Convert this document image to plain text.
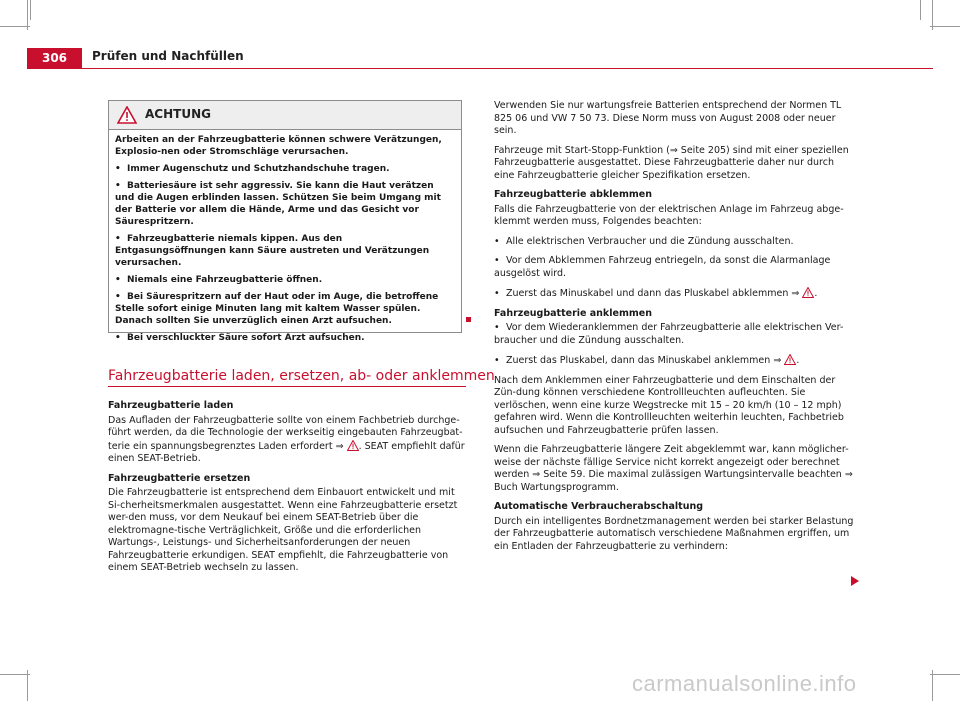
306	Prüfen und Nachfüllen
ACHTUNG

Arbeiten an der Fahrzeugbatterie können schwere Verätzungen, Explosio-nen oder Stromschläge verursachen.

• Immer Augenschutz und Schutzhandschuhe tragen.

• Batteriesäure ist sehr aggressiv. Sie kann die Haut verätzen und die Augen erblinden lassen. Schützen Sie beim Umgang mit der Batterie vor allem die Hände, Arme und das Gesicht vor Säurespritzern.

• Fahrzeugbatterie niemals kippen. Aus den Entgasungsöffnungen kann Säure austreten und Verätzungen verursachen.

• Niemals eine Fahrzeugbatterie öffnen.

• Bei Säurespritzern auf der Haut oder im Auge, die betroffene Stelle sofort einige Minuten lang mit kaltem Wasser spülen. Danach sollten Sie unverzüglich einen Arzt aufsuchen.

• Bei verschluckter Säure sofort Arzt aufsuchen.

Fahrzeugbatterie laden, ersetzen, ab- oder anklemmen

Fahrzeugbatterie laden

Das Aufladen der Fahrzeugbatterie sollte von einem Fachbetrieb durchge-führt werden, da die Technologie der werkseitig eingebauten Fahrzeugbat-terie ein spannungsbegrenztes Laden erfordert ⇒ . SEAT empfiehlt dafür einen SEAT-Betrieb.

Fahrzeugbatterie ersetzen

Die Fahrzeugbatterie ist entsprechend dem Einbauort entwickelt und mit Si-cherheitsmerkmalen ausgestattet. Wenn eine Fahrzeugbatterie ersetzt wer-den muss, vor dem Neukauf bei einem SEAT-Betrieb über die elektromagne-tische Verträglichkeit, Größe und die erforderlichen Wartungs-, Leistungs- und Sicherheitsanforderungen der neuen Fahrzeugbatterie erkundigen. SEAT empfiehlt, die Fahrzeugbatterie von einem SEAT-Betrieb wechseln zu lassen.

Verwenden Sie nur wartungsfreie Batterien entsprechend der Normen TL 825 06 und VW 7 50 73. Diese Norm muss von August 2008 oder neuer sein.

Fahrzeuge mit Start-Stopp-Funktion (⇒ Seite 205) sind mit einer speziellen Fahrzeugbatterie ausgestattet. Diese Fahrzeugbatterie daher nur durch eine Fahrzeugbatterie gleicher Spezifikation ersetzen.

Fahrzeugbatterie abklemmen

Falls die Fahrzeugbatterie von der elektrischen Anlage im Fahrzeug abge-klemmt werden muss, Folgendes beachten:

• Alle elektrischen Verbraucher und die Zündung ausschalten.

• Vor dem Abklemmen Fahrzeug entriegeln, da sonst die Alarmanlage ausgelöst wird.

• Zuerst das Minuskabel und dann das Pluskabel abklemmen ⇒ .

Fahrzeugbatterie anklemmen

• Vor dem Wiederanklemmen der Fahrzeugbatterie alle elektrischen Ver-braucher und die Zündung ausschalten.

• Zuerst das Pluskabel, dann das Minuskabel anklemmen ⇒ .

Nach dem Anklemmen einer Fahrzeugbatterie und dem Einschalten der Zün-dung können verschiedene Kontrollleuchten aufleuchten. Sie verlöschen, wenn eine kurze Wegstrecke mit 15 – 20 km/h (10 – 12 mph) gefahren wird. Wenn die Kontrollleuchten weiterhin leuchten, Fachbetrieb aufsuchen und Fahrzeugbatterie prüfen lassen.

Wenn die Fahrzeugbatterie längere Zeit abgeklemmt war, kann möglicher-weise der nächste fällige Service nicht korrekt angezeigt oder berechnet werden ⇒ Seite 59. Die maximal zulässigen Wartungsintervalle beachten ⇒ Buch Wartungsprogramm.

Automatische Verbraucherabschaltung

Durch ein intelligentes Bordnetzmanagement werden bei starker Belastung der Fahrzeugbatterie automatisch verschiedene Maßnahmen ergriffen, um ein Entladen der Fahrzeugbatterie zu verhindern:

carmanualsonline.info
